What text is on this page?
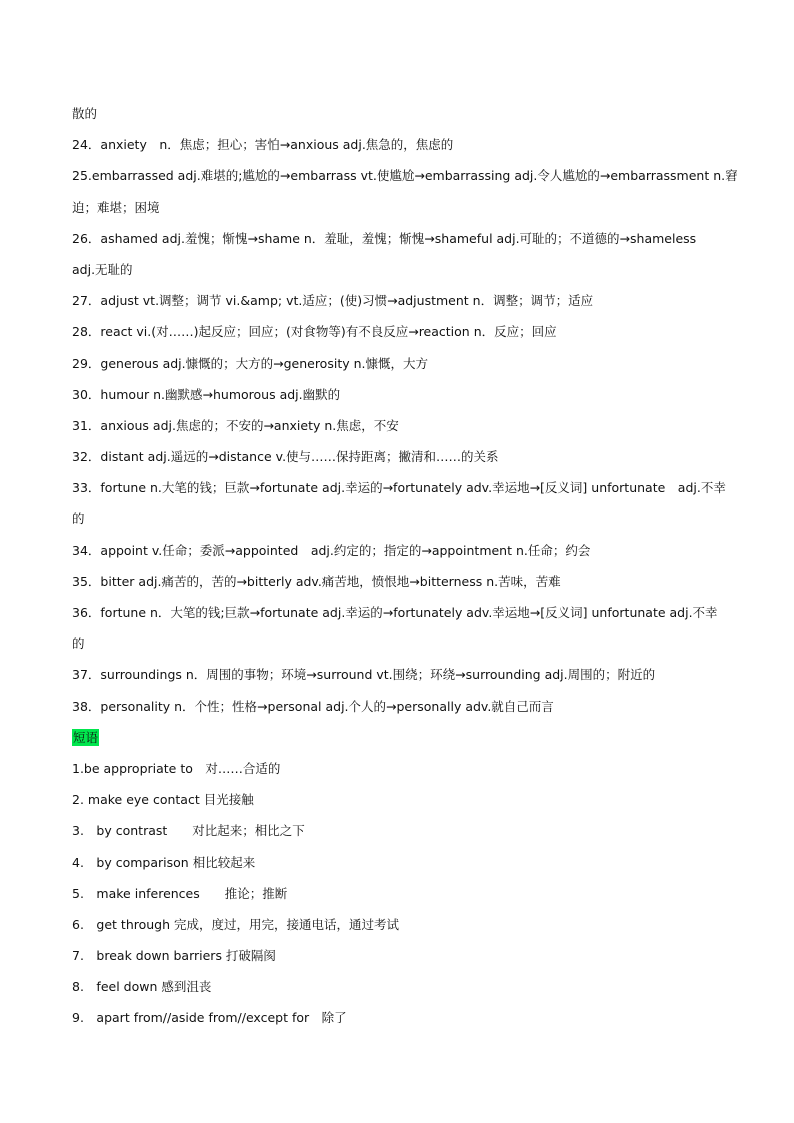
散的
24．anxiety　n．焦虑；担心；害怕→anxious adj.焦急的，焦虑的
25.embarrassed adj.难堪的;尴尬的→embarrass vt.使尴尬→embarrassing adj.令人尴尬的→embarrassment n.窘
迫；难堪；困境
26．ashamed adj.羞愧；惭愧→shame n．羞耻，羞愧；惭愧→shameful adj.可耻的；不道德的→shameless
adj.无耻的
27．adjust vt.调整；调节 vi.&amp; vt.适应；(使)习惯→adjustment n．调整；调节；适应
28．react vi.(对……)起反应；回应；(对食物等)有不良反应→reaction n．反应；回应
29．generous adj.慷慨的；大方的→generosity n.慷慨，大方
30．humour n.幽默感→humorous adj.幽默的
31．anxious adj.焦虑的；不安的→anxiety n.焦虑，不安
32．distant adj.遥远的→distance v.使与……保持距离；撇清和……的关系
33．fortune n.大笔的钱；巨款→fortunate adj.幸运的→fortunately adv.幸运地→[反义词] unfortunate　adj.不幸
的
34．appoint v.任命；委派→appointed　adj.约定的；指定的→appointment n.任命；约会
35．bitter adj.痛苦的，苦的→bitterly adv.痛苦地，愤恨地→bitterness n.苦味，苦难
36．fortune n．大笔的钱;巨款→fortunate adj.幸运的→fortunately adv.幸运地→[反义词] unfortunate adj.不幸
的
37．surroundings n．周围的事物；环境→surround vt.围绕；环绕→surrounding adj.周围的；附近的
38．personality n．个性；性格→personal adj.个人的→personally adv.就自己而言
短语
1.be appropriate to　对……合适的
2. make eye contact 目光接触
3.　by contrast　　对比起来；相比之下
4.　by comparison 相比较起来
5.　make inferences　　推论；推断
6.　get through 完成，度过，用完，接通电话，通过考试
7.　break down barriers 打破隔阂
8.　feel down 感到沮丧
9.　apart from//aside from//except for　除了
